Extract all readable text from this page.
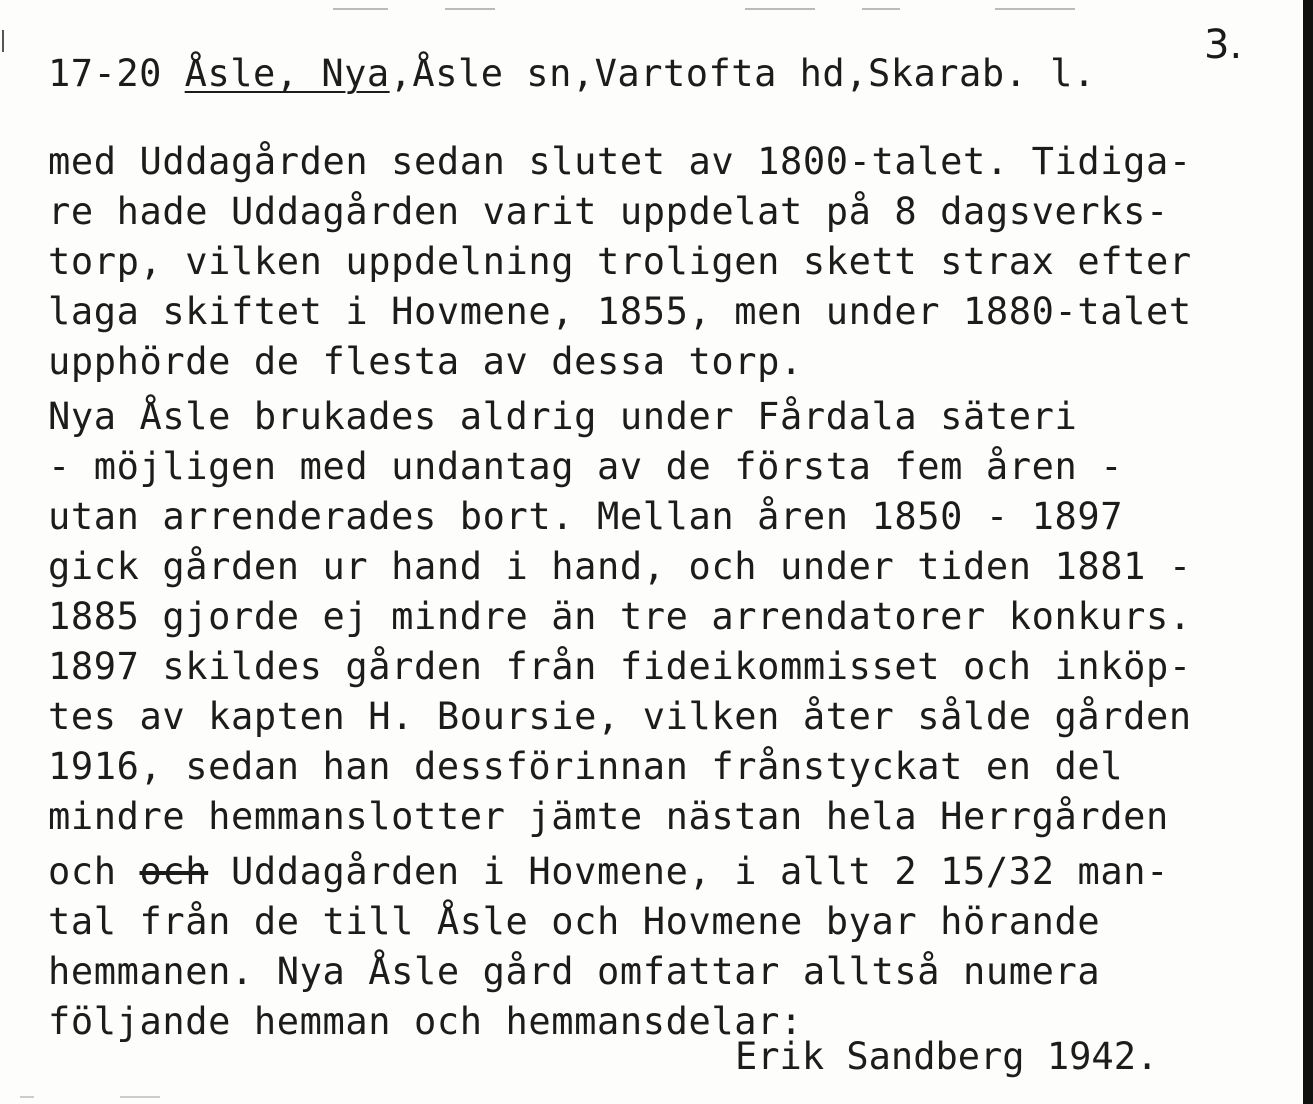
17-20 Åsle, Nya,Åsle sn,Vartofta hd,Skarab. l.
3.
med Uddagården sedan slutet av 1800-talet. Tidiga-
re hade Uddagården varit uppdelat på 8 dagsverks-
torp, vilken uppdelning troligen skett strax efter
laga skiftet i Hovmene, 1855, men under 1880-talet
upphörde de flesta av dessa torp.
Nya Åsle brukades aldrig under Fårdala säteri
- möjligen med undantag av de första fem åren -
utan arrenderades bort. Mellan åren 1850 - 1897
gick gården ur hand i hand, och under tiden 1881 -
1885 gjorde ej mindre än tre arrendatorer konkurs.
1897 skildes gården från fideikommisset och inköp-
tes av kapten H. Boursie, vilken åter sålde gården
1916, sedan han dessförinnan frånstyckat en del
mindre hemmanslotter jämte nästan hela Herrgården
och och Uddagården i Hovmene, i allt 2 15/32 man-
tal från de till Åsle och Hovmene byar hörande
hemmanen. Nya Åsle gård omfattar alltså numera
följande hemman och hemmansdelar:
Erik Sandberg 1942.
